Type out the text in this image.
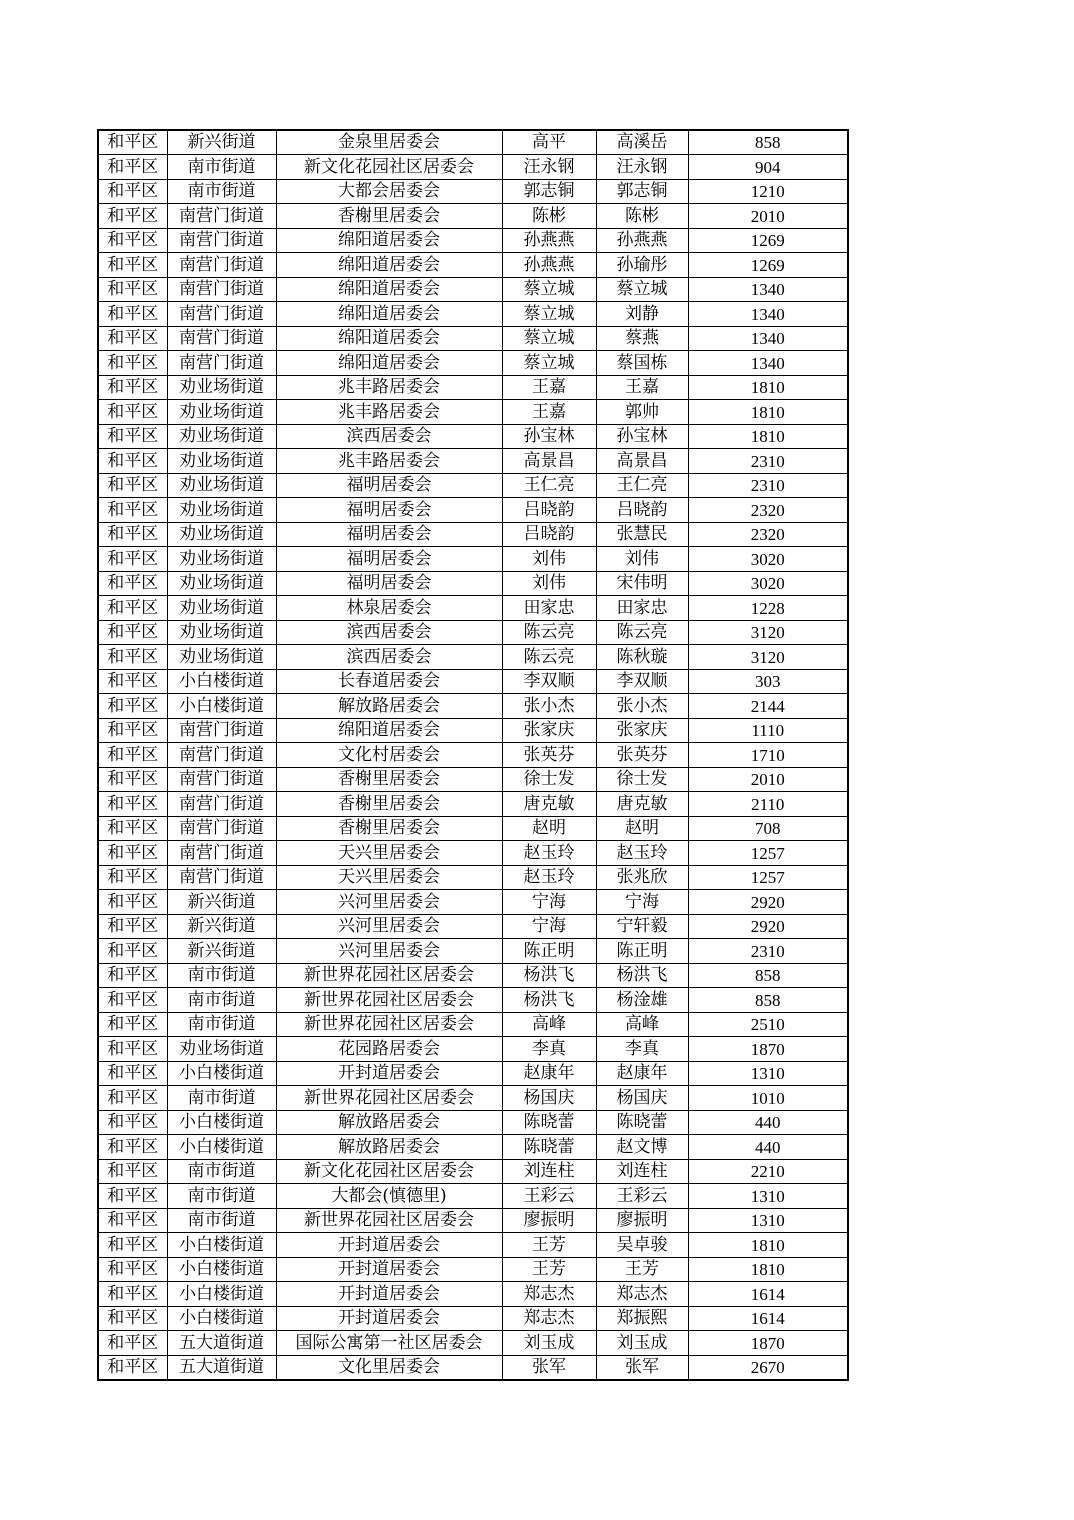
和平区	新兴街道	金泉里居委会	高平	高溪岳	858
和平区	南市街道	新文化花园社区居委会	汪永钢	汪永钢	904
和平区	南市街道	大都会居委会	郭志铜	郭志铜	1210
和平区	南营门街道	香榭里居委会	陈彬	陈彬	2010
和平区	南营门街道	绵阳道居委会	孙燕燕	孙燕燕	1269
和平区	南营门街道	绵阳道居委会	孙燕燕	孙瑜彤	1269
和平区	南营门街道	绵阳道居委会	蔡立城	蔡立城	1340
和平区	南营门街道	绵阳道居委会	蔡立城	刘静	1340
和平区	南营门街道	绵阳道居委会	蔡立城	蔡燕	1340
和平区	南营门街道	绵阳道居委会	蔡立城	蔡国栋	1340
和平区	劝业场街道	兆丰路居委会	王嘉	王嘉	1810
和平区	劝业场街道	兆丰路居委会	王嘉	郭帅	1810
和平区	劝业场街道	滨西居委会	孙宝林	孙宝林	1810
和平区	劝业场街道	兆丰路居委会	高景昌	高景昌	2310
和平区	劝业场街道	福明居委会	王仁亮	王仁亮	2310
和平区	劝业场街道	福明居委会	吕晓韵	吕晓韵	2320
和平区	劝业场街道	福明居委会	吕晓韵	张慧民	2320
和平区	劝业场街道	福明居委会	刘伟	刘伟	3020
和平区	劝业场街道	福明居委会	刘伟	宋伟明	3020
和平区	劝业场街道	林泉居委会	田家忠	田家忠	1228
和平区	劝业场街道	滨西居委会	陈云亮	陈云亮	3120
和平区	劝业场街道	滨西居委会	陈云亮	陈秋璇	3120
和平区	小白楼街道	长春道居委会	李双顺	李双顺	303
和平区	小白楼街道	解放路居委会	张小杰	张小杰	2144
和平区	南营门街道	绵阳道居委会	张家庆	张家庆	1110
和平区	南营门街道	文化村居委会	张英芬	张英芬	1710
和平区	南营门街道	香榭里居委会	徐士发	徐士发	2010
和平区	南营门街道	香榭里居委会	唐克敏	唐克敏	2110
和平区	南营门街道	香榭里居委会	赵明	赵明	708
和平区	南营门街道	天兴里居委会	赵玉玲	赵玉玲	1257
和平区	南营门街道	天兴里居委会	赵玉玲	张兆欣	1257
和平区	新兴街道	兴河里居委会	宁海	宁海	2920
和平区	新兴街道	兴河里居委会	宁海	宁轩毅	2920
和平区	新兴街道	兴河里居委会	陈正明	陈正明	2310
和平区	南市街道	新世界花园社区居委会	杨洪飞	杨洪飞	858
和平区	南市街道	新世界花园社区居委会	杨洪飞	杨淦雄	858
和平区	南市街道	新世界花园社区居委会	高峰	高峰	2510
和平区	劝业场街道	花园路居委会	李真	李真	1870
和平区	小白楼街道	开封道居委会	赵康年	赵康年	1310
和平区	南市街道	新世界花园社区居委会	杨国庆	杨国庆	1010
和平区	小白楼街道	解放路居委会	陈晓蕾	陈晓蕾	440
和平区	小白楼街道	解放路居委会	陈晓蕾	赵文博	440
和平区	南市街道	新文化花园社区居委会	刘连柱	刘连柱	2210
和平区	南市街道	大都会(慎德里)	王彩云	王彩云	1310
和平区	南市街道	新世界花园社区居委会	廖振明	廖振明	1310
和平区	小白楼街道	开封道居委会	王芳	吴卓骏	1810
和平区	小白楼街道	开封道居委会	王芳	王芳	1810
和平区	小白楼街道	开封道居委会	郑志杰	郑志杰	1614
和平区	小白楼街道	开封道居委会	郑志杰	郑振熙	1614
和平区	五大道街道	国际公寓第一社区居委会	刘玉成	刘玉成	1870
和平区	五大道街道	文化里居委会	张军	张军	2670
